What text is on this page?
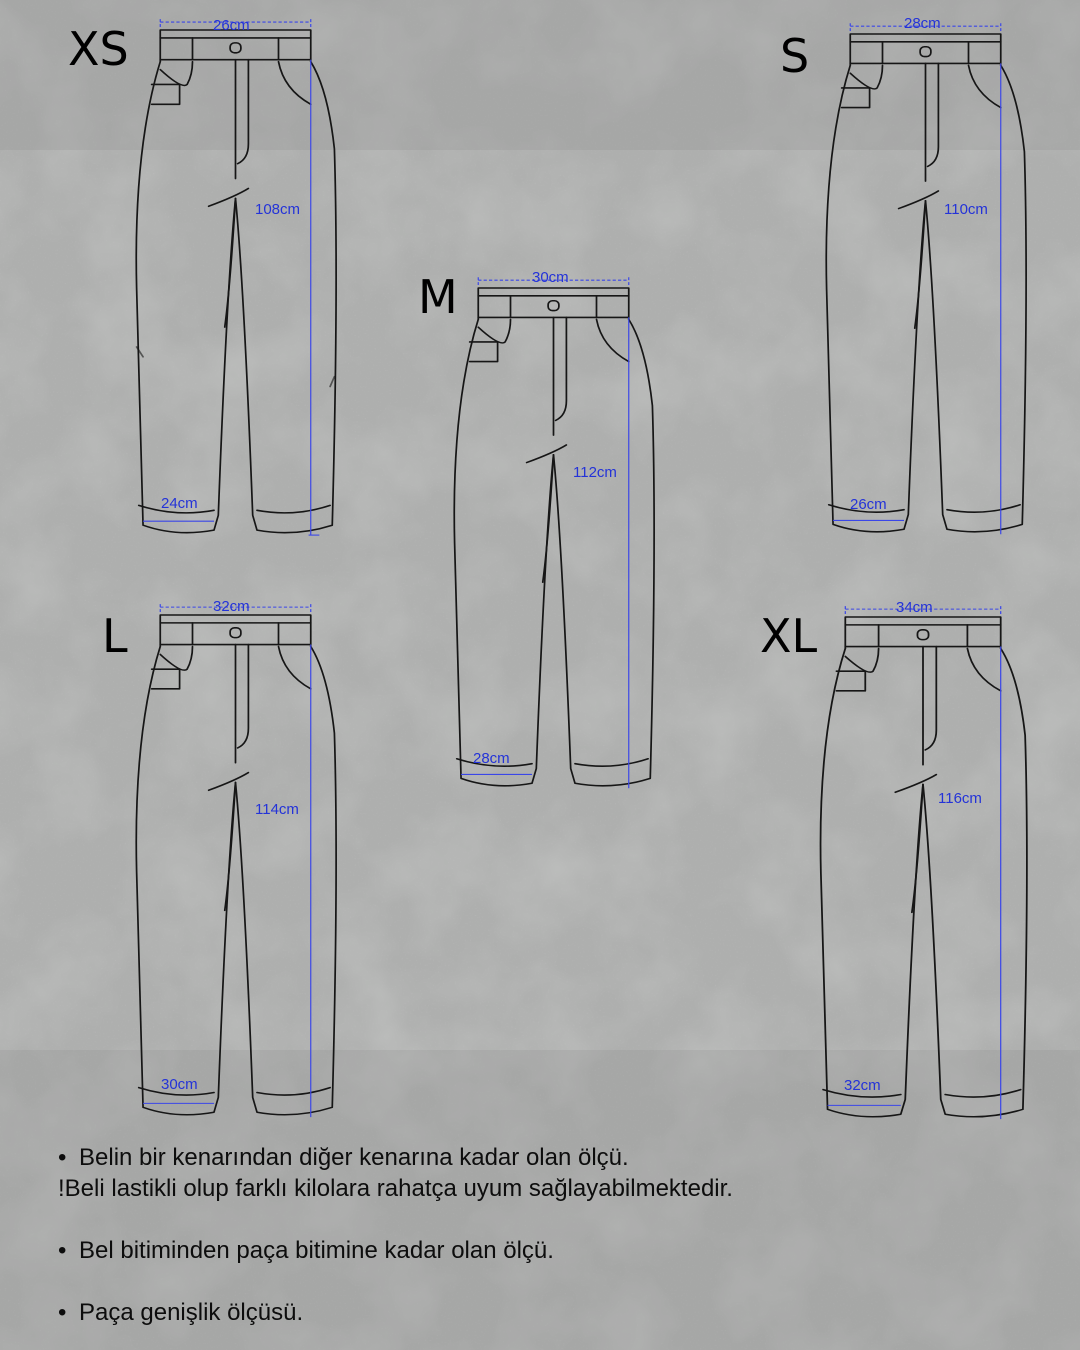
XS	26cm
108cm
24cm
S
28cm
110cm
26cm
M	30cm
112cm
28cm
L
32cm
114cm
30cm
XL
34cm
116cm
32cm
• Belin bir kenarından diğer kenarına kadar olan ölçü.
!Beli lastikli olup farklı kilolara rahatça uyum sağlayabilmektedir.
• Bel bitiminden paça bitimine kadar olan ölçü.
• Paça genişlik ölçüsü.
